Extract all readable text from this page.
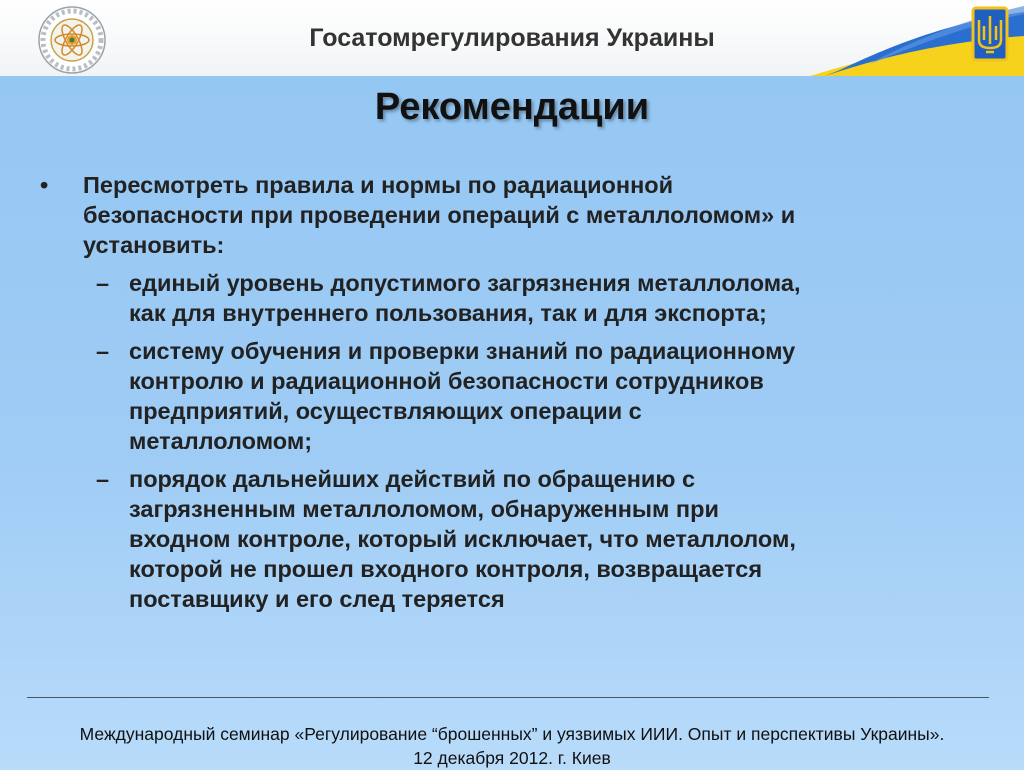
Госатомрегулирования Украины
Рекомендации
• Пересмотреть правила и нормы по радиационной
безопасности при проведении операций с металлоломом» и
установить:
– единый уровень допустимого загрязнения металлолома,
как для внутреннего пользования, так и для экспорта;
– систему обучения и проверки знаний по радиационному
контролю и радиационной безопасности сотрудников
предприятий, осуществляющих операции с
металлоломом;
– порядок дальнейших действий по обращению с
загрязненным металлоломом, обнаруженным при
входном контроле, который исключает, что металлолом,
которой не прошел входного контроля, возвращается
поставщику и его след теряется
Международный семинар «Регулирование “брошенных” и уязвимых ИИИ. Опыт и перспективы Украины».
12 декабря 2012. г. Киев
